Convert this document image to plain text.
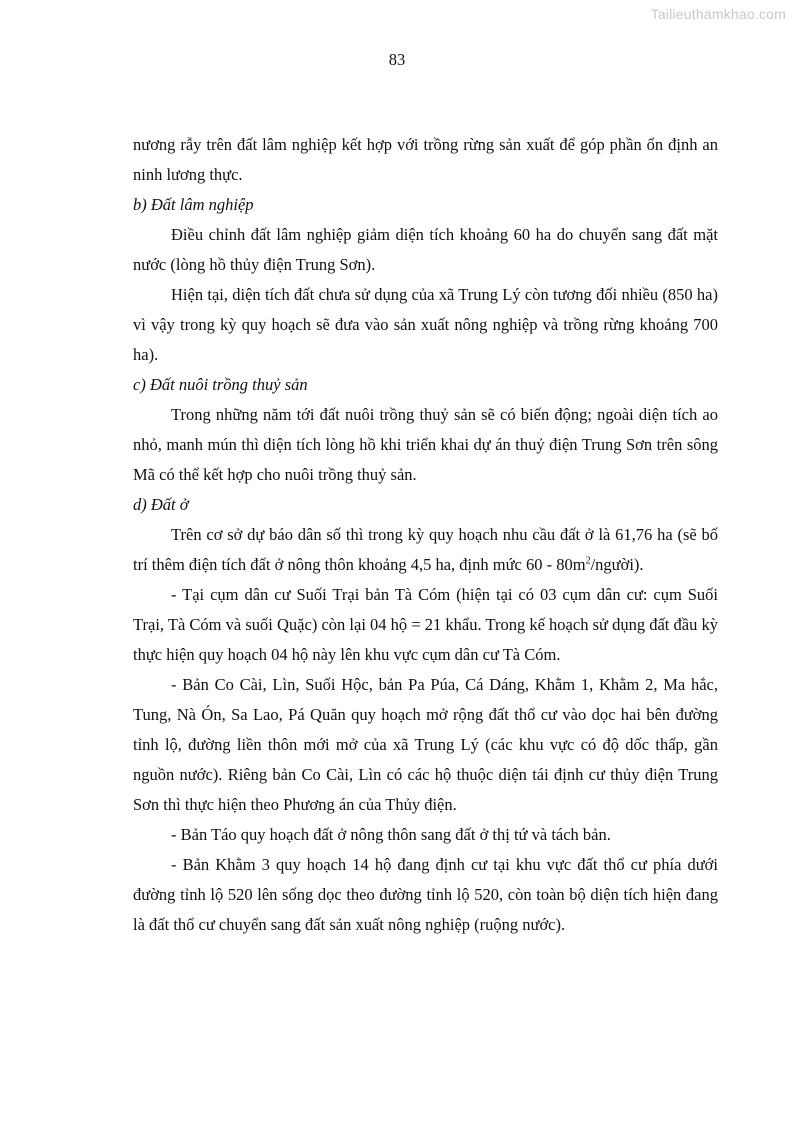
Tailieuthamkhao.com
83

nương rẫy trên đất lâm nghiệp kết hợp với trồng rừng sản xuất để góp phần ổn định an ninh lương thực.

b) Đất lâm nghiệp

Điều chỉnh đất lâm nghiệp giảm diện tích khoảng 60 ha do chuyển sang đất mặt nước (lòng hồ thủy điện Trung Sơn).

Hiện tại, diện tích đất chưa sử dụng của xã Trung Lý còn tương đối nhiều (850 ha) vì vậy trong kỳ quy hoạch sẽ đưa vào sản xuất nông nghiệp và trồng rừng khoảng 700 ha).

c) Đất nuôi trồng thuỷ sản

Trong những năm tới đất nuôi trồng thuỷ sản sẽ có biến động; ngoài diện tích ao nhỏ, manh mún thì diện tích lòng hồ khi triển khai dự án thuỷ điện Trung Sơn trên sông Mã có thể kết hợp cho nuôi trồng thuỷ sản.

d) Đất ở

Trên cơ sở dự báo dân số thì trong kỳ quy hoạch nhu cầu đất ở là 61,76 ha (sẽ bố trí thêm điện tích đất ở nông thôn khoảng 4,5 ha, định mức $60 - 80m^2/người$).

- Tại cụm dân cư Suối Trại bản Tà Cóm (hiện tại có 03 cụm dân cư: cụm Suối Trại, Tà Cóm và suối Quặc) còn lại 04 hộ = 21 khẩu. Trong kế hoạch sử dụng đất đầu kỳ thực hiện quy hoạch 04 hộ này lên khu vực cụm dân cư Tà Cóm.

- Bản Co Cài, Lìn, Suối Hộc, bản Pa Púa, Cá Dáng, Khằm 1, Khằm 2, Ma hắc, Tung, Nà Ón, Sa Lao, Pá Quăn quy hoạch mở rộng đất thổ cư vào dọc hai bên đường tỉnh lộ, đường liền thôn mới mở của xã Trung Lý (các khu vực có độ dốc thấp, gần nguồn nước). Riêng bản Co Cài, Lìn có các hộ thuộc diện tái định cư thủy điện Trung Sơn thì thực hiện theo Phương án của Thủy điện.

- Bản Táo quy hoạch đất ở nông thôn sang đất ở thị tứ và tách bản.

- Bản Khằm 3 quy hoạch 14 hộ đang định cư tại khu vực đất thổ cư phía dưới đường tỉnh lộ 520 lên sống dọc theo đường tỉnh lộ 520, còn toàn bộ diện tích hiện đang là đất thổ cư chuyển sang đất sản xuất nông nghiệp (ruộng nước).
